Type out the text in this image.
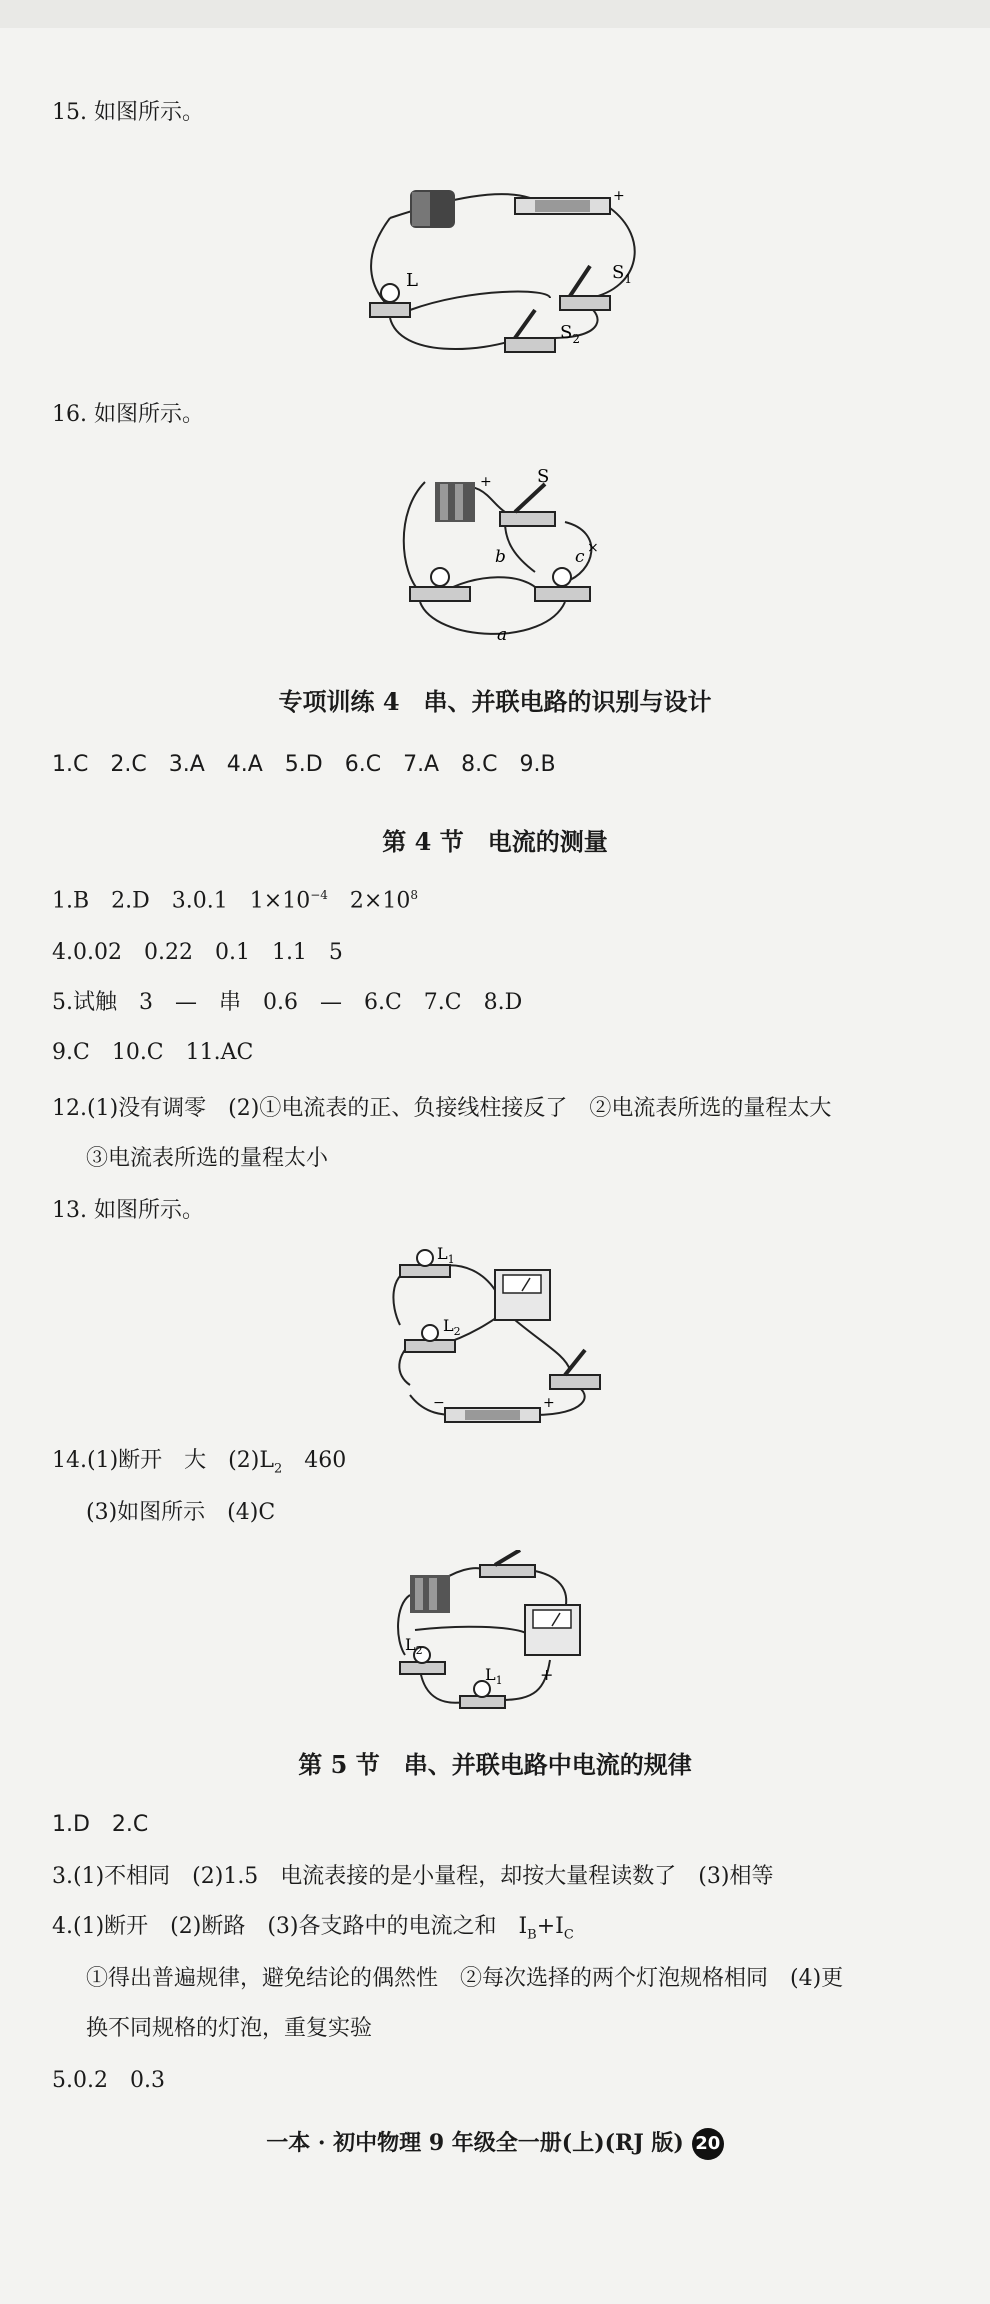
15. 如图所示。
+
$S_1$
$S_2$
L
16. 如图所示。
+	S
b	c ×
a
专项训练 4　串、并联电路的识别与设计
1.C　2.C　3.A　4.A　5.D　6.C　7.A　8.C　9.B
第 4 节　电流的测量
1.B　2.D　3.0.1　$1\times 10^{-4}$　$2\times 10^8$
4.0.02　0.22　0.1　1.1　5
5.试触　3　—　串　0.6　—　6.C　7.C　8.D
9.C　10.C　11.AC
12.(1)没有调零　(2)①电流表的正、负接线柱接反了　②电流表所选的量程太大
③电流表所选的量程太小
13. 如图所示。
$L_1$
$L_2$
−	+
14.(1)断开　大　$(2)L_2$　460
(3)如图所示　(4)C
$L_2$
$L_1$ +
第 5 节　串、并联电路中电流的规律
1.D　2.C
3.(1)不相同　(2)1.5　电流表接的是小量程，却按大量程读数了　(3)相等
4.(1)断开　(2)断路　(3)各支路中的电流之和　$I_B+I_C$
①得出普遍规律，避免结论的偶然性　②每次选择的两个灯泡规格相同　(4)更
换不同规格的灯泡，重复实验
5.0.2　0.3
一本 · 初中物理 9 年级全一册(上)(RJ 版) 20
